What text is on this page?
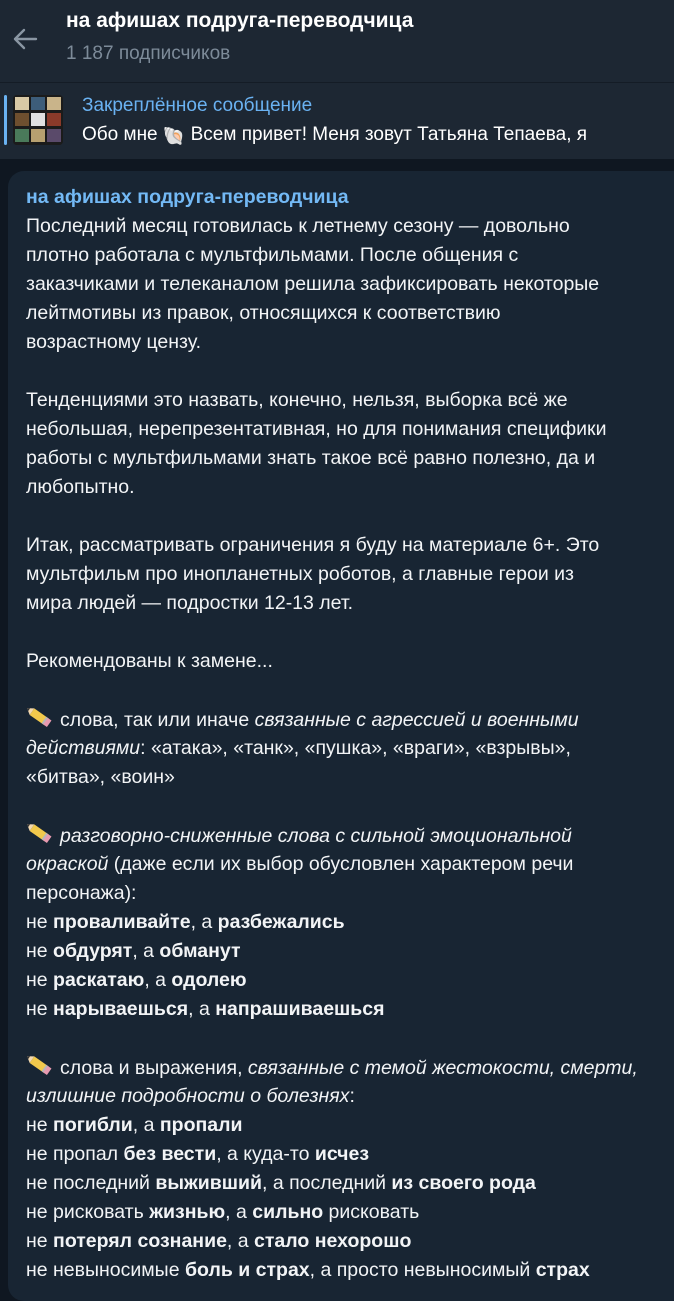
на афишах подруга-переводчица
1 187 подписчиков
Закреплённое сообщение
Обо мне 🐚 Всем привет! Меня зовут Татьяна Тепаева, я
на афишах подруга-переводчица
Последний месяц готовилась к летнему сезону — довольно
плотно работала с мультфильмами. После общения с
заказчиками и телеканалом решила зафиксировать некоторые
лейтмотивы из правок, относящихся к соответствию
возрастному цензу.
Тенденциями это назвать, конечно, нельзя, выборка всё же
небольшая, нерепрезентативная, но для понимания специфики
работы с мультфильмами знать такое всё равно полезно, да и
любопытно.
Итак, рассматривать ограничения я буду на материале 6+. Это
мультфильм про инопланетных роботов, а главные герои из
мира людей — подростки 12-13 лет.
Рекомендованы к замене...
слова, так или иначе связанные с агрессией и военными
действиями: «атака», «танк», «пушка», «враги», «взрывы»,
«битва», «воин»
разговорно-сниженные слова с сильной эмоциональной
окраской (даже если их выбор обусловлен характером речи
персонажа):
не проваливайте, а разбежались
не обдурят, а обманут
не раскатаю, а одолею
не нарываешься, а напрашиваешься
слова и выражения, связанные с темой жестокости, смерти,
излишние подробности о болезнях:
не погибли, а пропали
не пропал без вести, а куда-то исчез
не последний выживший, а последний из своего рода
не рисковать жизнью, а сильно рисковать
не потерял сознание, а стало нехорошо
не невыносимые боль и страх, а просто невыносимый страх
